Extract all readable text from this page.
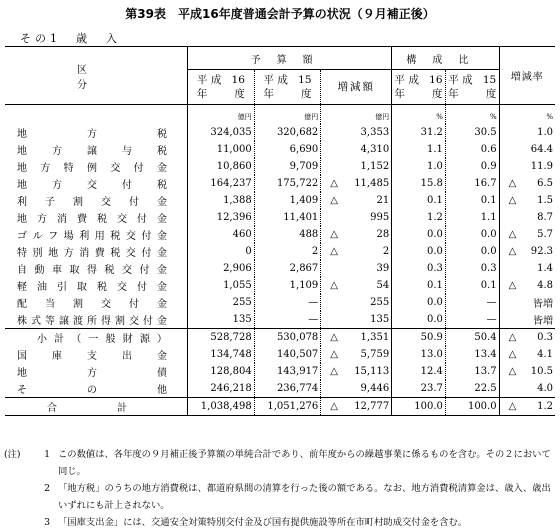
第39表　平成16年度普通会計予算の状況（９月補正後）
その1　歳　入
区　　分	予算額				構成比		増減率	
	平成 16年度	平成 15年度	増減額		平成 16年度	平成 15年度		
	億円	億円		億円	%	%		%
地方税	324,035	320,682		3,353	31.2	30.5		1.0
地方譲与税	11,000	6,690		4,310	1.1	0.6		64.4
地方特例交付金	10,860	9,709		1,152	1.0	0.9		11.9
地方交付税	164,237	175,722	△	11,485	15.8	16.7	△	6.5
利子割交付金	1,388	1,409	△	21	0.1	0.1	△	1.5
地方消費税交付金	12,396	11,401		995	1.2	1.1		8.7
ゴルフ場利用税交付金	460	488	△	28	0.0	0.0	△	5.7
特別地方消費税交付金	0	2	△	2	0.0	0.0	△	92.3
自動車取得税交付金	2,906	2,867		39	0.3	0.3		1.4
軽油引取税交付金	1,055	1,109	△	54	0.1	0.1	△	4.8
配当割交付金	255	—		255	0.0	—		皆増
株式等譲渡所得割交付金	135	—		135	0.0	—		皆増
小計（一般財源）	528,728	530,078	△	1,351	50.9	50.4	△	0.3
国庫支出金	134,748	140,507	△	5,759	13.0	13.4	△	4.1
地方債	128,804	143,917	△	15,113	12.4	13.7	△	10.5
その他	246,218	236,774		9,446	23.7	22.5		4.0
合計	1,038,498	1,051,276	△	12,777	100.0	100.0	△	1.2
(注)	1 この数値は、各年度の９月補正後予算額の単純合計であり、前年度からの繰越事業に係るものを含む。その２において同じ。
2 「地方税」のうちの地方消費税は、都道府県間の清算を行った後の額である。なお、地方消費税清算金は、歳入、歳出いずれにも計上されない。
3 「国庫支出金」には、交通安全対策特別交付金及び国有提供施設等所在市町村助成交付金を含む。
